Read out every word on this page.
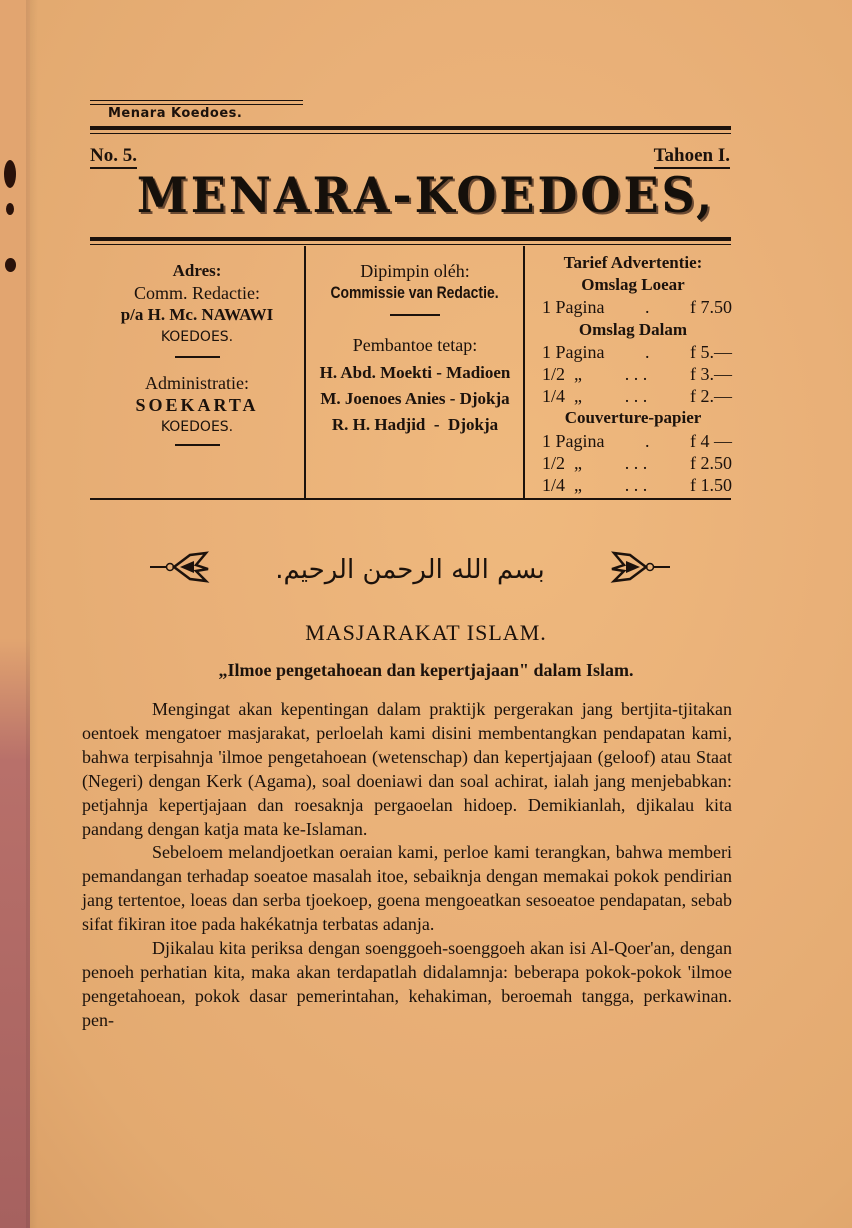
Menara Koedoes.
No. 5.	Tahoen I.
MENARA-KOEDOES,
Adres:
Comm. Redactie:
p/a H. Mc. NAWAWI
KOEDOES.
Administratie:
SOEKARTA
KOEDOES.
Dipimpin oléh:
Commissie van Redactie.
Pembantoe tetap:
H. Abd. Moekti - Madioen
M. Joenoes Anies - Djokja
R. H. Hadjid  -  Djokja
Tarief Advertentie:
Omslag Loear
1 Pagina . f 7.50
Omslag Dalam
1 Pagina . f 5.—
1/2  „ . . . f 3.—
1/4  „ . . . f 2.—
Couverture-papier
1 Pagina . f 4 —
1/2  „ . . . f 2.50
1/4  „ . . . f 1.50
بسم الله الرحمن الرحيم.
MASJARAKAT ISLAM.
„Ilmoe pengetahoean dan kepertjajaan" dalam Islam.

Mengingat akan kepentingan dalam praktijk pergerakan jang bertjita-tjitakan oentoek mengatoer masjarakat, perloelah kami disini membentangkan pendapatan kami, bahwa terpisahnja 'ilmoe pengetahoean (wetenschap) dan kepertjajaan (geloof) atau Staat (Negeri) dengan Kerk (Agama), soal doeniawi dan soal achirat, ialah jang menjebabkan: petjahnja kepertjajaan dan roesaknja pergaoelan hidoep. Demikianlah, djikalau kita pandang dengan katja mata ke-Islaman.

Sebeloem melandjoetkan oeraian kami, perloe kami terangkan, bahwa memberi pemandangan terhadap soeatoe masalah itoe, sebaiknja dengan memakai pokok pendirian jang tertentoe, loeas dan serba tjoekoep, goena mengoeatkan sesoeatoe pendapatan, sebab sifat fikiran itoe pada hakékatnja terbatas adanja.

Djikalau kita periksa dengan soenggoeh-soenggoeh akan isi Al-Qoer'an, dengan penoeh perhatian kita, maka akan terdapatlah didalamnja: beberapa pokok-pokok 'ilmoe pengetahoean, pokok dasar pemerintahan, kehakiman, beroemah tangga, perkawinan. pen-
